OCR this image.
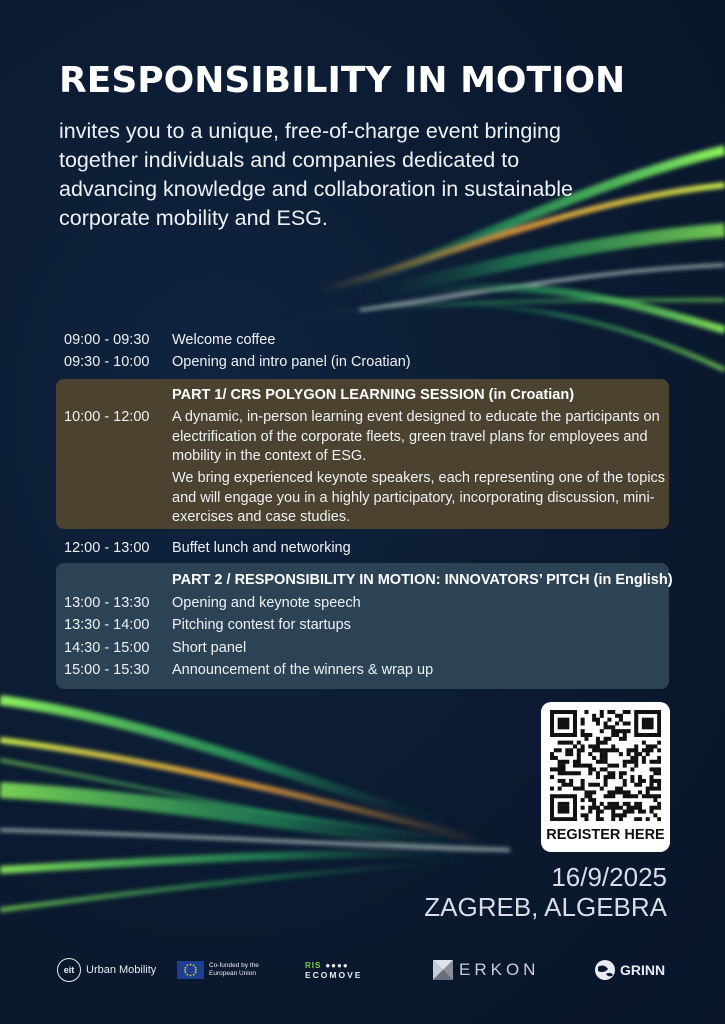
RESPONSIBILITY IN MOTION

invites you to a unique, free-of-charge event bringing together individuals and companies dedicated to advancing knowledge and collaboration in sustainable corporate mobility and ESG.

09:00 - 09:30 Welcome coffee
09:30 - 10:00 Opening and intro panel (in Croatian)
PART 1/ CRS POLYGON LEARNING SESSION (in Croatian)
10:00 - 12:00 A dynamic, in-person learning event designed to educate the participants on electrification of the corporate fleets, green travel plans for employees and mobility in the context of ESG.

We bring experienced keynote speakers, each representing one of the topics and will engage you in a highly participatory, incorporating discussion, mini-exercises and case studies.

12:00 - 13:00 Buffet lunch and networking
PART 2 / RESPONSIBILITY IN MOTION: INNOVATORS’ PITCH (in English)
13:00 - 13:30 Opening and keynote speech
13:30 - 14:00 Pitching contest for startups
14:30 - 15:00 Short panel
15:00 - 15:30 Announcement of the winners & wrap up
REGISTER HERE
16/9/2025
ZAGREB, ALGEBRA
eit	Urban Mobility	Co-funded by the European Union
RIS ●●●●
ECOMOVE	ERKON	GRINN
